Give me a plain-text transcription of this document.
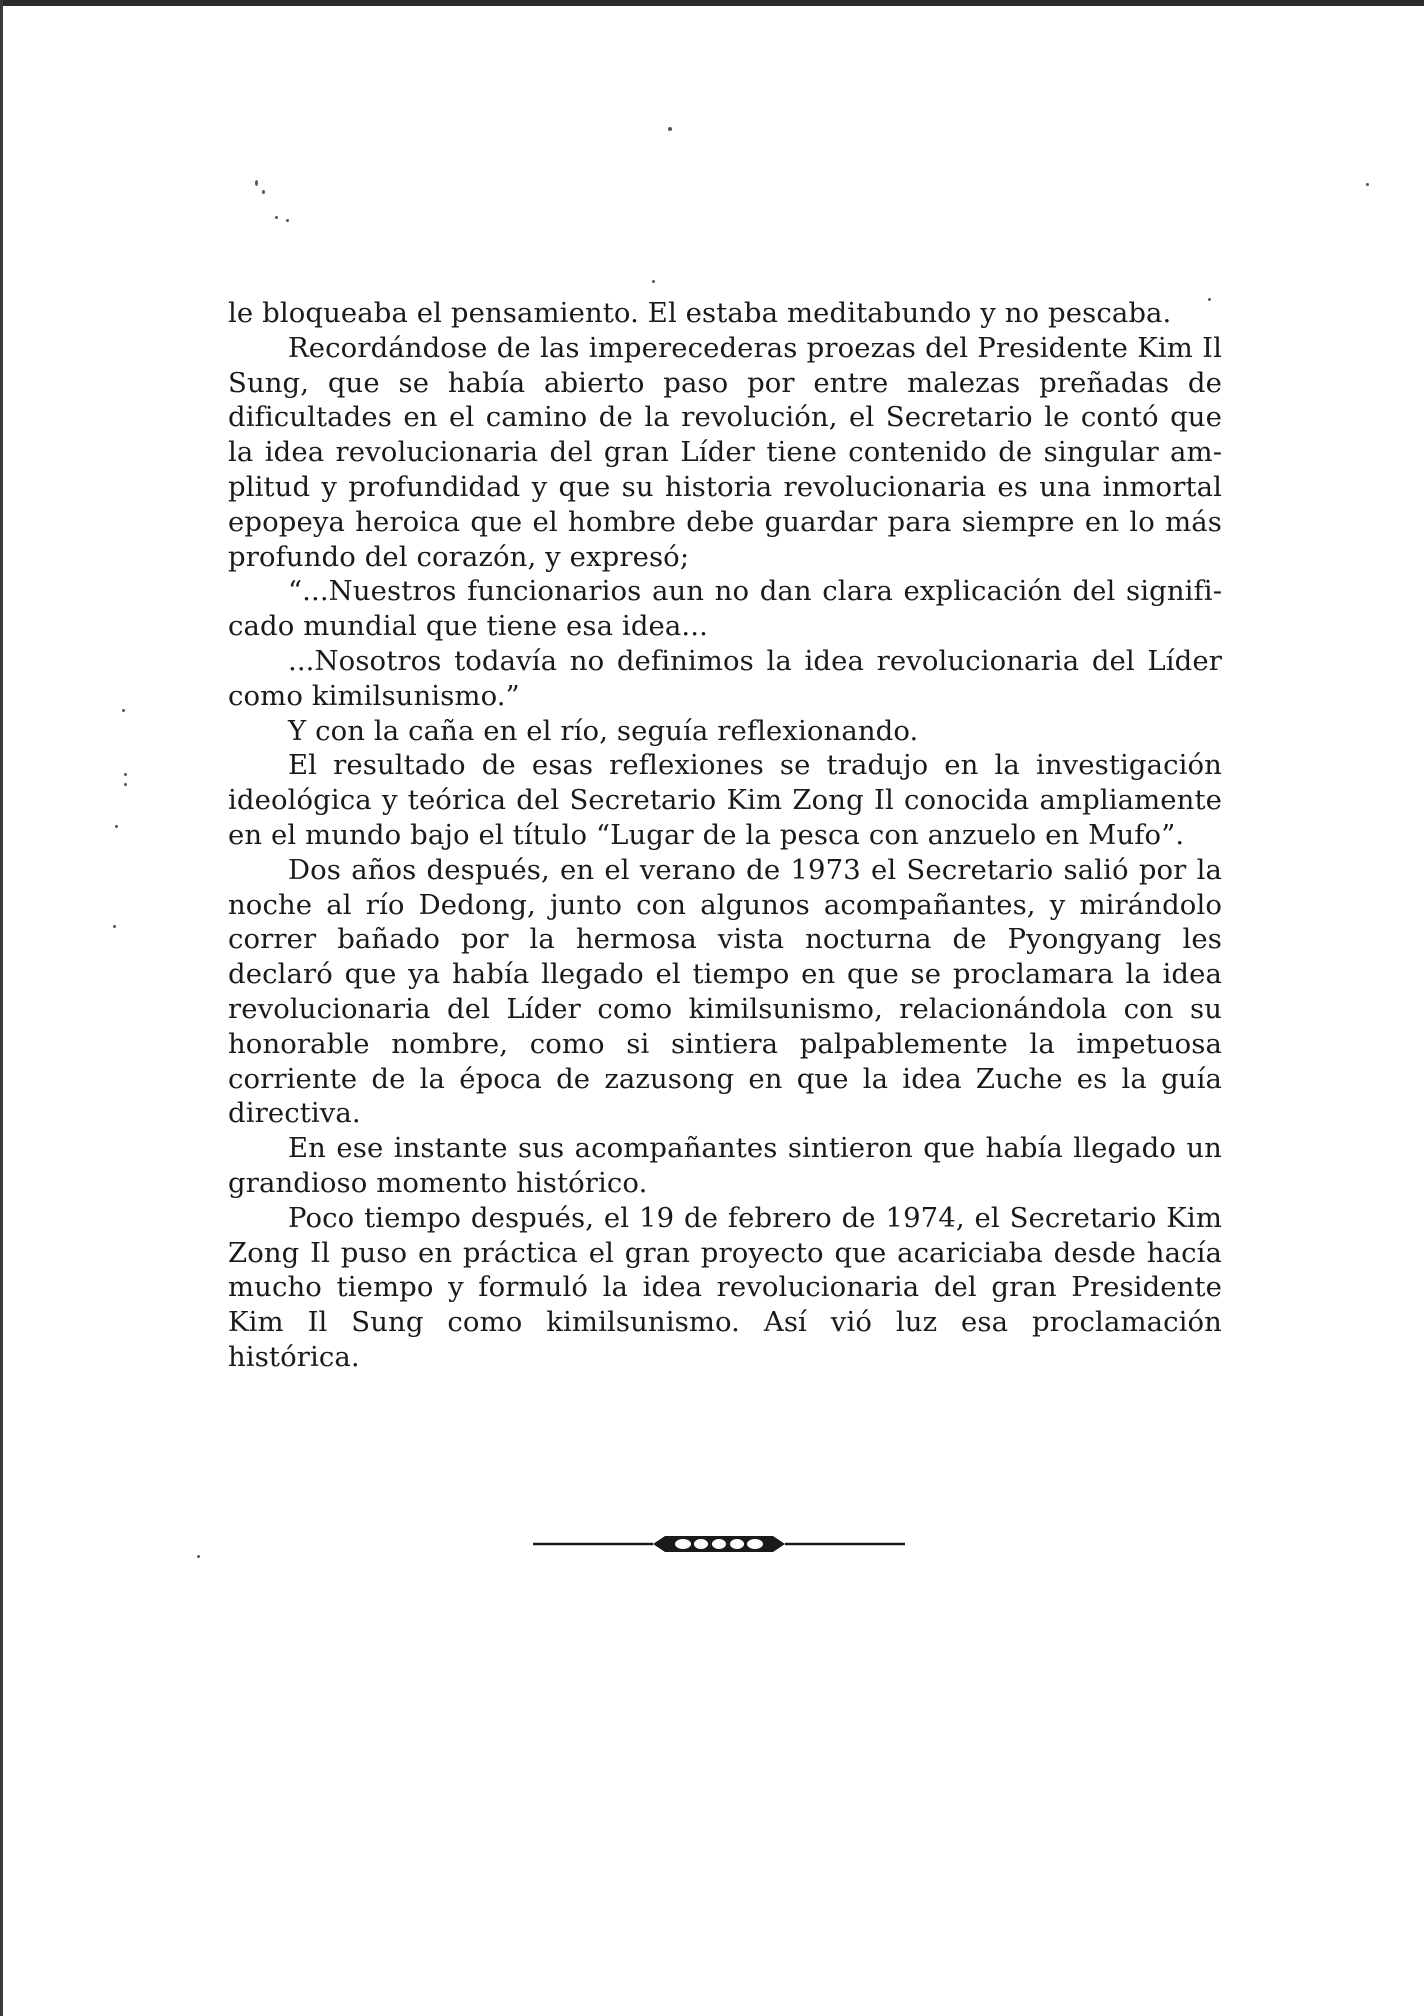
le bloqueaba el pensamiento. El estaba meditabundo y no pescaba.

Recordándose de las imperecederas proezas del Presidente Kim Il Sung, que se había abierto paso por entre malezas preñadas de dificultades en el camino de la revolución, el Secretario le contó que la idea revolucionaria del gran Líder tiene contenido de singular amplitud y profundidad y que su historia revolucionaria es una inmortal epopeya heroica que el hombre debe guardar para siempre en lo más profundo del corazón, y expresó;

“...Nuestros funcionarios aun no dan clara explicación del significado mundial que tiene esa idea...

...Nosotros todavía no definimos la idea revolucionaria del Líder como kimilsunismo.”

Y con la caña en el río, seguía reflexionando.

El resultado de esas reflexiones se tradujo en la investigación ideológica y teórica del Secretario Kim Zong Il conocida ampliamente en el mundo bajo el título “Lugar de la pesca con anzuelo en Mufo”.

Dos años después, en el verano de 1973 el Secretario salió por la noche al río Dedong, junto con algunos acompañantes, y mirándolo correr bañado por la hermosa vista nocturna de Pyongyang les declaró que ya había llegado el tiempo en que se proclamara la idea revolucionaria del Líder como kimilsunismo, relacionándola con su honorable nombre, como si sintiera palpablemente la impetuosa corriente de la época de zazusong en que la idea Zuche es la guía directiva.

En ese instante sus acompañantes sintieron que había llegado un grandioso momento histórico.

Poco tiempo después, el 19 de febrero de 1974, el Secretario Kim Zong Il puso en práctica el gran proyecto que acariciaba desde hacía mucho tiempo y formuló la idea revolucionaria del gran Presidente Kim Il Sung como kimilsunismo. Así vió luz esa proclamación histórica.
